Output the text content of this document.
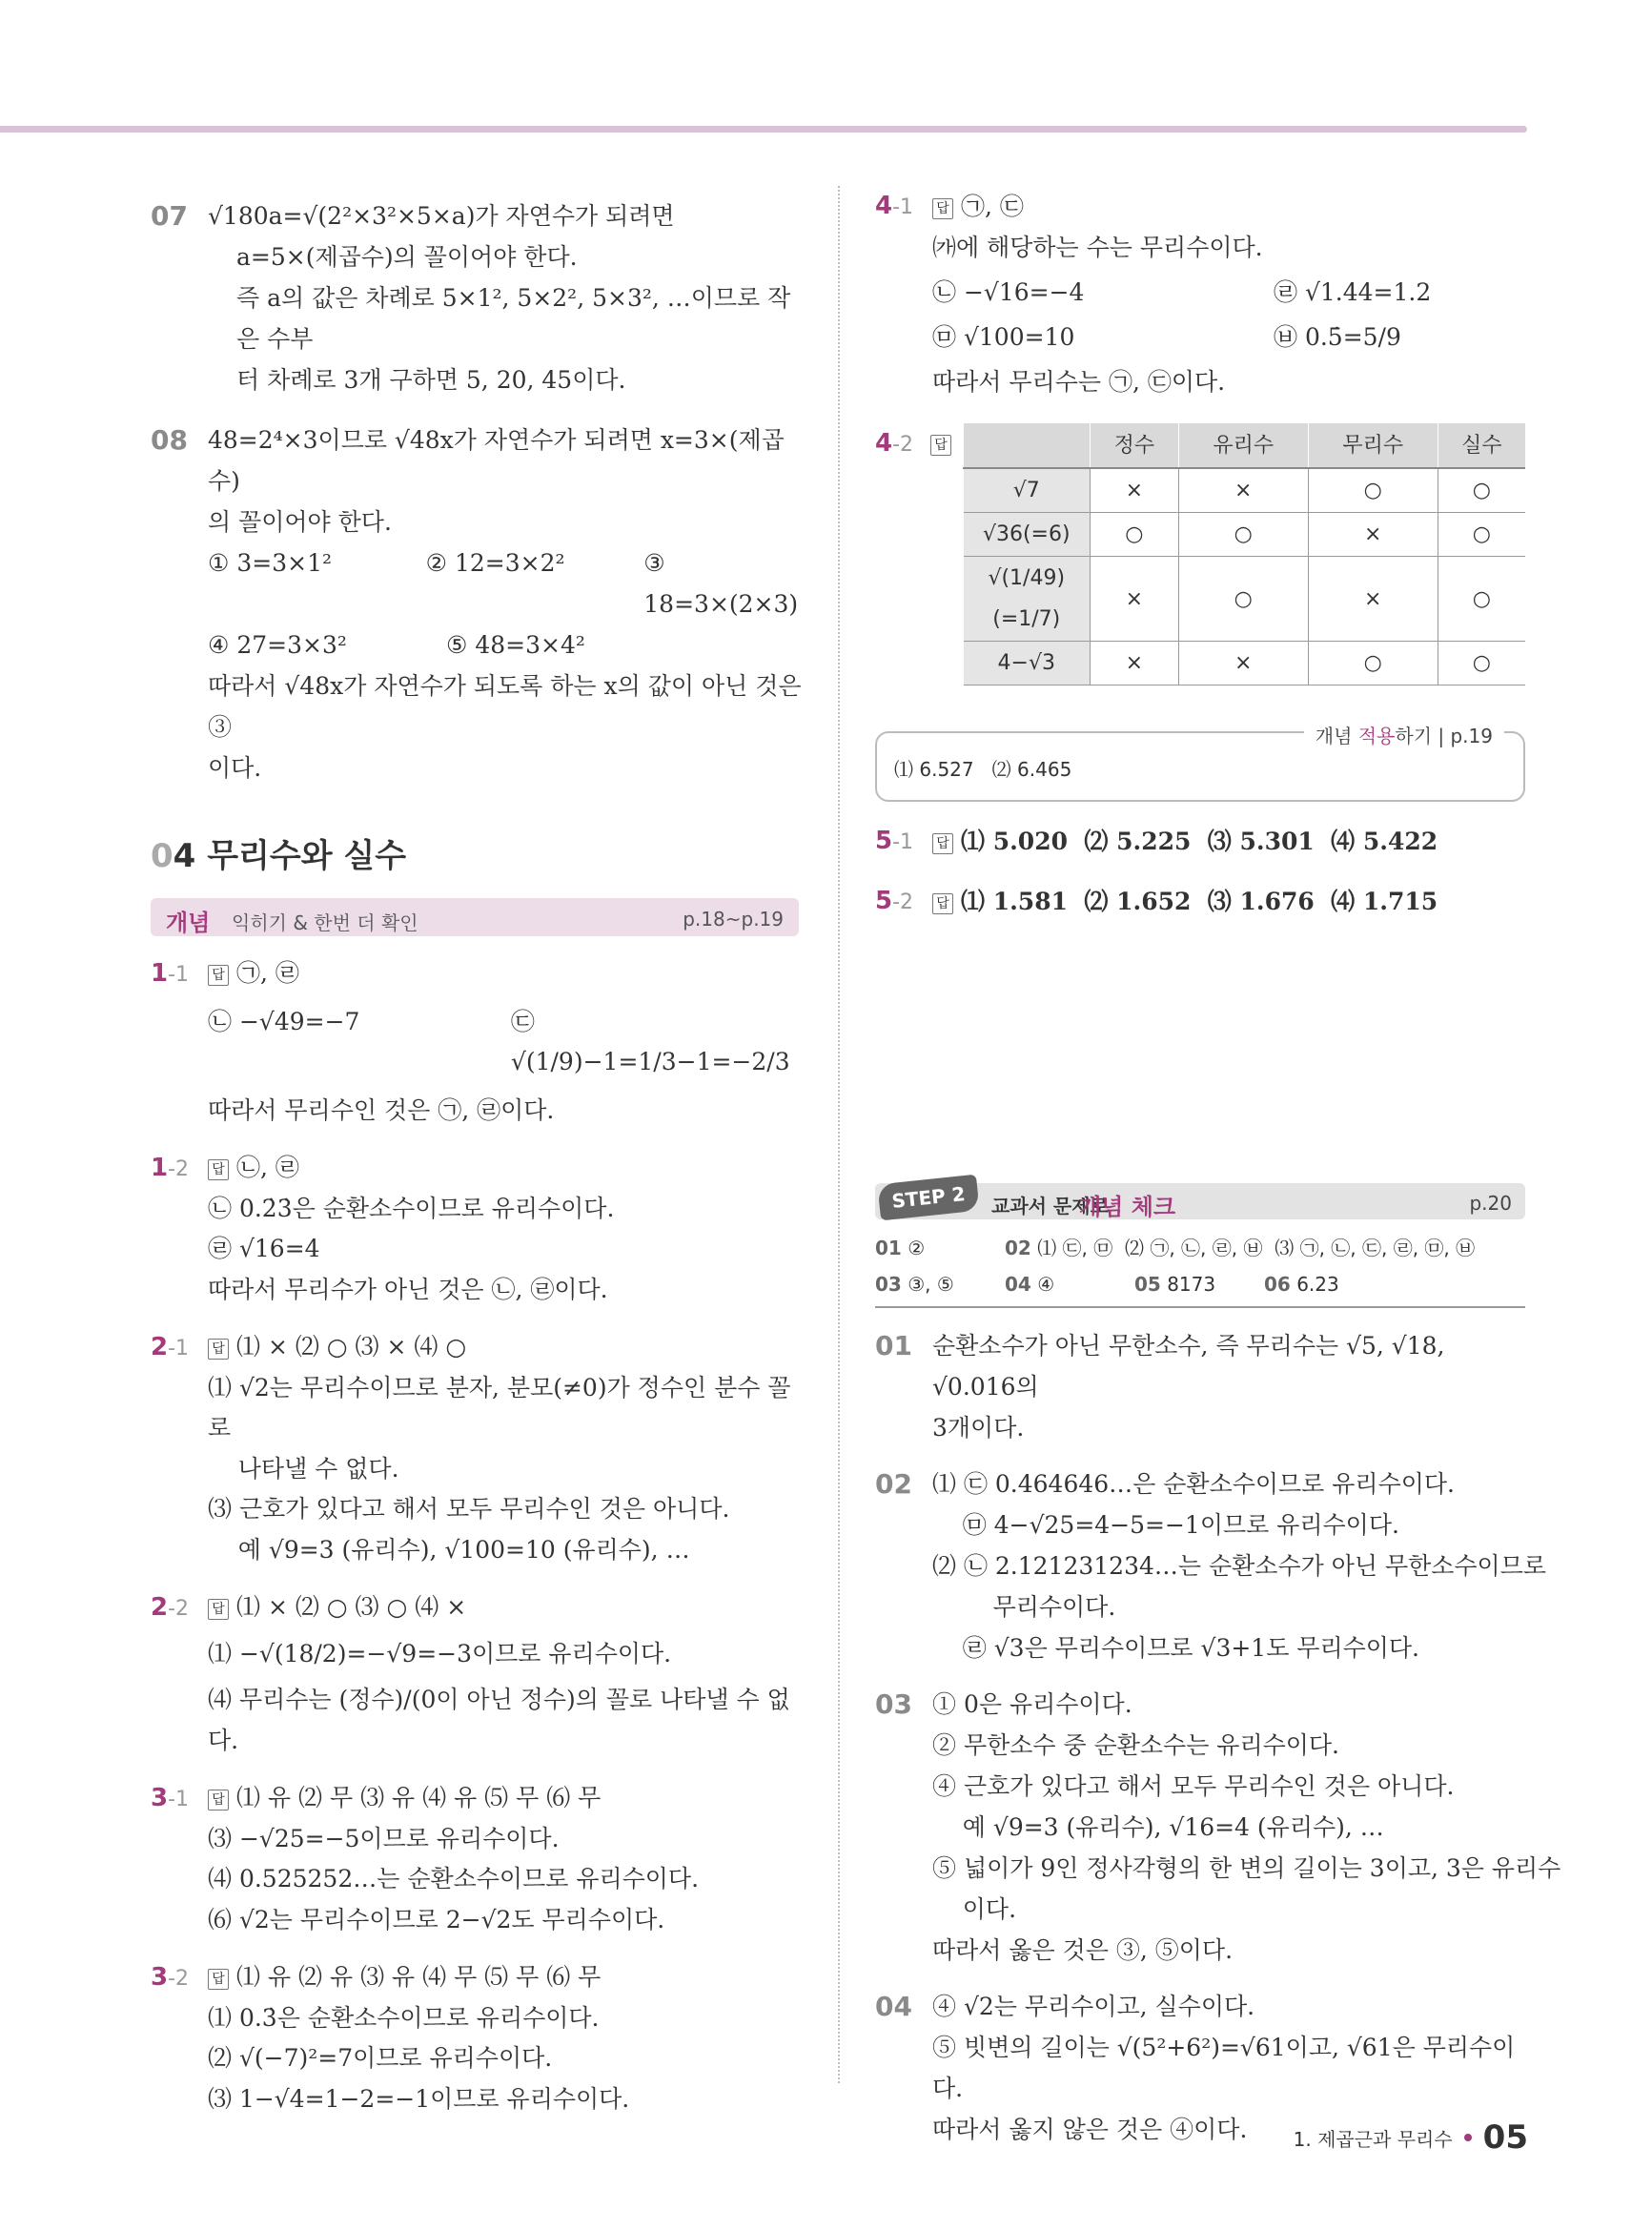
07 √180a=√(2²×3²×5×a)가 자연수가 되려면
a=5×(제곱수)의 꼴이어야 한다.
즉 a의 값은 차례로 5×1², 5×2², 5×3², …이므로 작은 수부
터 차례로 3개 구하면 5, 20, 45이다.
08 48=2⁴×3이므로 √48x가 자연수가 되려면 x=3×(제곱수)
의 꼴이어야 한다.
① 3=3×1²	② 12=3×2²	③ 18=3×(2×3)
④ 27=3×3²	⑤ 48=3×4²
따라서 √48x가 자연수가 되도록 하는 x의 값이 아닌 것은 ③
이다.
04 무리수와 실수
개념 익히기 & 한번 더 확인	p.18~p.19
1-1	답 ㉠, ㉣
㉡ −√49=−7	㉢ √(1/9)−1=1/3−1=−2/3
따라서 무리수인 것은 ㉠, ㉣이다.
1-2	답 ㉡, ㉣
㉡ 0.2̇3̇은 순환소수이므로 유리수이다.
㉣ √16=4
따라서 무리수가 아닌 것은 ㉡, ㉣이다.
2-1	답 ⑴ × ⑵ ○ ⑶ × ⑷ ○
⑴ √2는 무리수이므로 분자, 분모(≠0)가 정수인 분수 꼴로
나타낼 수 없다.
⑶ 근호가 있다고 해서 모두 무리수인 것은 아니다.
예 √9=3 (유리수), √100=10 (유리수), …
2-2	답 ⑴ × ⑵ ○ ⑶ ○ ⑷ ×
⑴ −√(18/2)=−√9=−3이므로 유리수이다.
⑷ 무리수는 (정수)/(0이 아닌 정수)의 꼴로 나타낼 수 없다.
3-1	답 ⑴ 유 ⑵ 무 ⑶ 유 ⑷ 유 ⑸ 무 ⑹ 무
⑶ −√25=−5이므로 유리수이다.
⑷ 0.525252…는 순환소수이므로 유리수이다.
⑹ √2는 무리수이므로 2−√2도 무리수이다.
3-2	답 ⑴ 유 ⑵ 유 ⑶ 유 ⑷ 무 ⑸ 무 ⑹ 무
⑴ 0.3̇은 순환소수이므로 유리수이다.
⑵ √(−7)²=7이므로 유리수이다.
⑶ 1−√4=1−2=−1이므로 유리수이다.
4-1	답 ㉠, ㉢
㈎에 해당하는 수는 무리수이다.
㉡ −√16=−4	㉣ √1.44=1.2
㉤ √100=10	㉥ 0.5̇=5/9
따라서 무리수는 ㉠, ㉢이다.
4-2	답
		정수	유리수	무리수	실수
√7	×	×	○	○
√36(=6)	○	○	×	○
√(1/49)(=1/7)	×	○	×	○
4−√3	×	×	○	○
개념 적용하기 | p.19
⑴ 6.527   ⑵ 6.465
5-1 답 ⑴ 5.020  ⑵ 5.225  ⑶ 5.301  ⑷ 5.422
5-2 답 ⑴ 1.581  ⑵ 1.652  ⑶ 1.676  ⑷ 1.715
STEP 2	교과서 문제로
개념 체크	p.20
01 ②	02 ⑴ ㉢, ㉤  ⑵ ㉠, ㉡, ㉣, ㉥  ⑶ ㉠, ㉡, ㉢, ㉣, ㉤, ㉥
03 ③, ⑤	04 ④	05 8173	06 6.23
01 순환소수가 아닌 무한소수, 즉 무리수는 √5, √18, √0.016의
3개이다.
02 ⑴ ㉢ 0.464646…은 순환소수이므로 유리수이다.
㉤ 4−√25=4−5=−1이므로 유리수이다.
⑵ ㉡ 2.121231234…는 순환소수가 아닌 무한소수이므로
무리수이다.
㉣ √3은 무리수이므로 √3+1도 무리수이다.
03 ① 0은 유리수이다.
② 무한소수 중 순환소수는 유리수이다.
④ 근호가 있다고 해서 모두 무리수인 것은 아니다.
예 √9=3 (유리수), √16=4 (유리수), …
⑤ 넓이가 9인 정사각형의 한 변의 길이는 3이고, 3은 유리수
이다.
따라서 옳은 것은 ③, ⑤이다.
04 ④ √2는 무리수이고, 실수이다.
⑤ 빗변의 길이는 √(5²+6²)=√61이고, √61은 무리수이다.
따라서 옳지 않은 것은 ④이다.	1. 제곱근과 무리수 05
